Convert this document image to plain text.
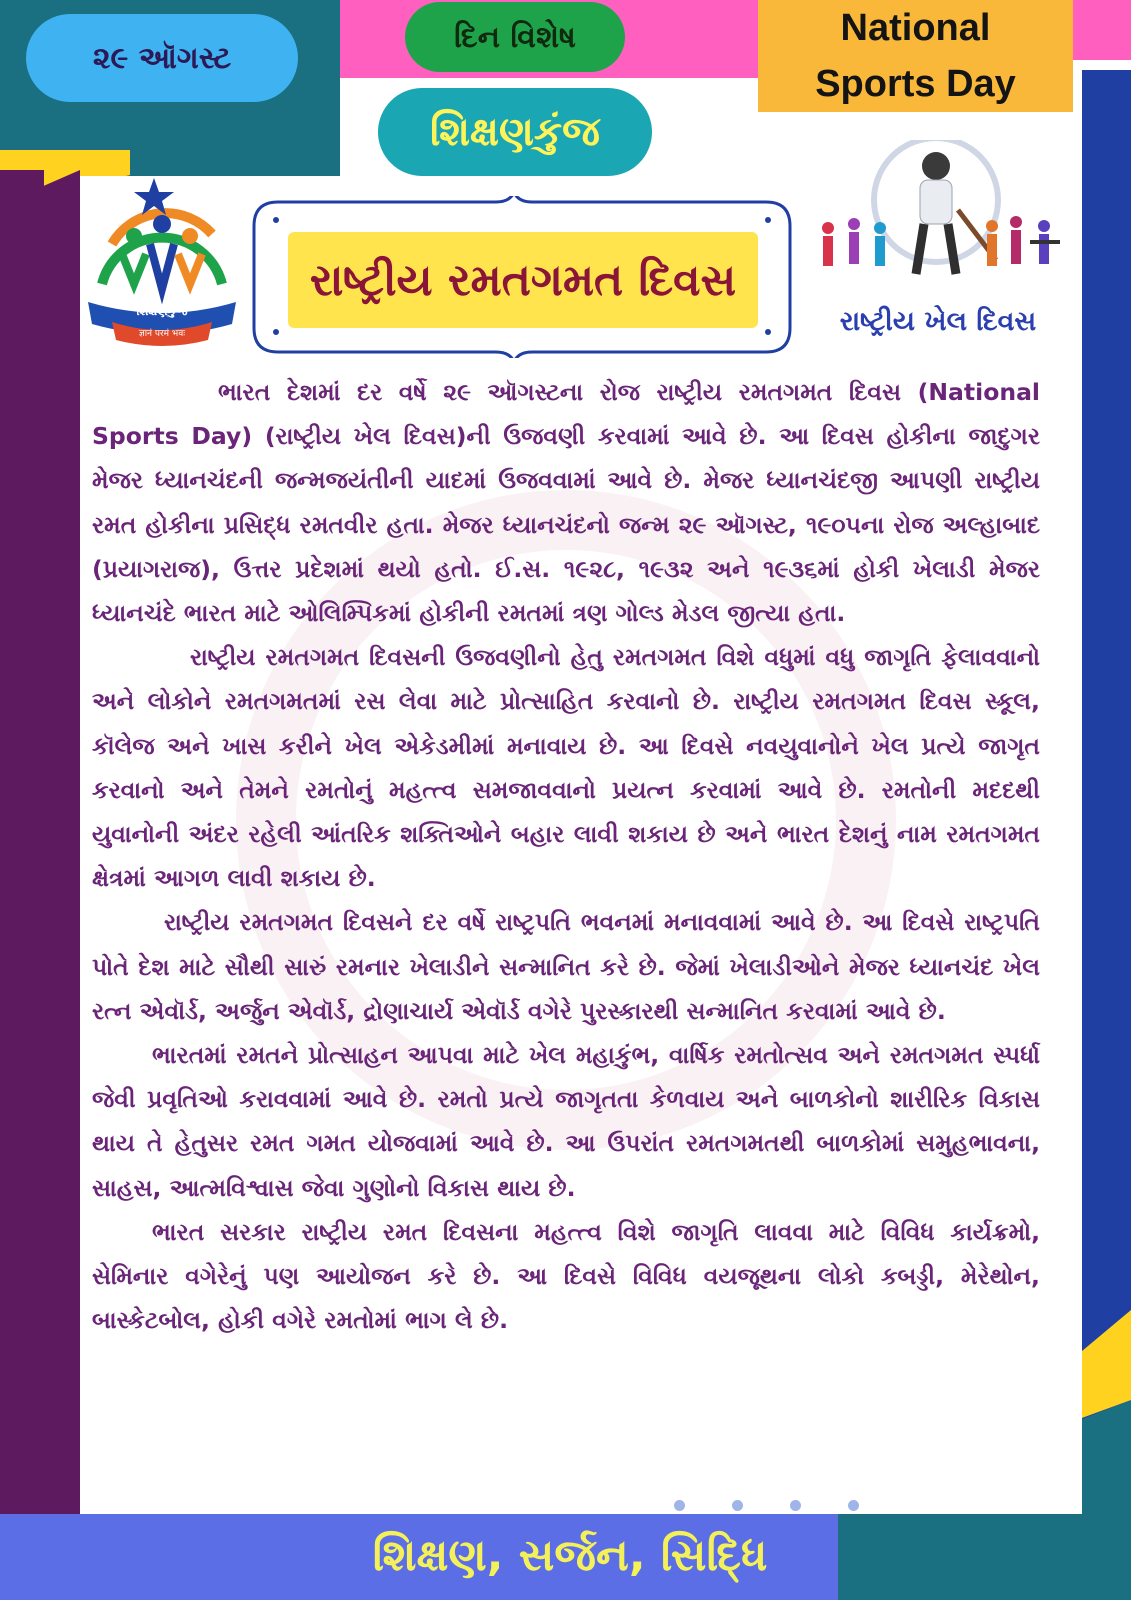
૨૯ ઑગસ્ટ
દિન વિશેષ
શિક્ષણકુંજ
National
Sports Day
શિક્ષણકુંજ
ज्ञानं परमं भवः
રાષ્ટ્રીય રમતગમત દિવસ
રાષ્ટ્રીય ખેલ દિવસ

ભારત દેશમાં દર વર્ષે ૨૯ ઑગસ્ટના રોજ રાષ્ટ્રીય રમતગમત દિવસ (National Sports Day) (રાષ્ટ્રીય ખેલ દિવસ)ની ઉજવણી કરવામાં આવે છે. આ દિવસ હોકીના જાદુગર મેજર ધ્યાનચંદની જન્મજયંતીની યાદમાં ઉજવવામાં આવે છે. મેજર ધ્યાનચંદજી આપણી રાષ્ટ્રીય રમત હોકીના પ્રસિદ્ધ રમતવીર હતા. મેજર ધ્યાનચંદનો જન્મ ૨૯ ઑગસ્ટ, ૧૯૦૫ના રોજ અલ્હાબાદ (પ્રયાગરાજ), ઉત્તર પ્રદેશમાં થયો હતો. ઈ.સ. ૧૯૨૮, ૧૯૩૨ અને ૧૯૩૬માં હોકી ખેલાડી મેજર ધ્યાનચંદે ભારત માટે ઓલિમ્પિકમાં હોકીની રમતમાં ત્રણ ગોલ્ડ મેડલ જીત્યા હતા.

રાષ્ટ્રીય રમતગમત દિવસની ઉજવણીનો હેતુ રમતગમત વિશે વધુમાં વધુ જાગૃતિ ફેલાવવાનો અને લોકોને રમતગમતમાં રસ લેવા માટે પ્રોત્સાહિત કરવાનો છે. રાષ્ટ્રીય રમતગમત દિવસ સ્કૂલ, કૉલેજ અને ખાસ કરીને ખેલ એકેડમીમાં મનાવાય છે. આ દિવસે નવયુવાનોને ખેલ પ્રત્યે જાગૃત કરવાનો અને તેમને રમતોનું મહત્ત્વ સમજાવવાનો પ્રયત્ન કરવામાં આવે છે. રમતોની મદદથી યુવાનોની અંદર રહેલી આંતરિક શક્તિઓને બહાર લાવી શકાય છે અને ભારત દેશનું નામ રમતગમત ક્ષેત્રમાં આગળ લાવી શકાય છે.

રાષ્ટ્રીય રમતગમત દિવસને દર વર્ષે રાષ્ટ્રપતિ ભવનમાં મનાવવામાં આવે છે. આ દિવસે રાષ્ટ્રપતિ પોતે દેશ માટે સૌથી સારું રમનાર ખેલાડીને સન્માનિત કરે છે. જેમાં ખેલાડીઓને મેજર ધ્યાનચંદ ખેલ રત્ન એવૉર્ડ, અર્જુન એવૉર્ડ, દ્રોણાચાર્ય એવૉર્ડ વગેરે પુરસ્કારથી સન્માનિત કરવામાં આવે છે.

ભારતમાં રમતને પ્રોત્સાહન આપવા માટે ખેલ મહાકુંભ, વાર્ષિક રમતોત્સવ અને રમતગમત સ્પર્ધા જેવી પ્રવૃતિઓ કરાવવામાં આવે છે. રમતો પ્રત્યે જાગૃતતા કેળવાય અને બાળકોનો શારીરિક વિકાસ થાય તે હેતુસર રમત ગમત યોજવામાં આવે છે. આ ઉપરાંત રમતગમતથી બાળકોમાં સમુહભાવના, સાહસ, આત્મવિશ્વાસ જેવા ગુણોનો વિકાસ થાય છે.

ભારત સરકાર રાષ્ટ્રીય રમત દિવસના મહત્ત્વ વિશે જાગૃતિ લાવવા માટે વિવિધ કાર્યક્રમો, સેમિનાર વગેરેનું પણ આયોજન કરે છે. આ દિવસે વિવિધ વયજૂથના લોકો કબડ્ડી, મેરેથોન, બાસ્કેટબોલ, હોકી વગેરે રમતોમાં ભાગ લે છે.

શિક્ષણ, સર્જન, સિદ્ધિ
